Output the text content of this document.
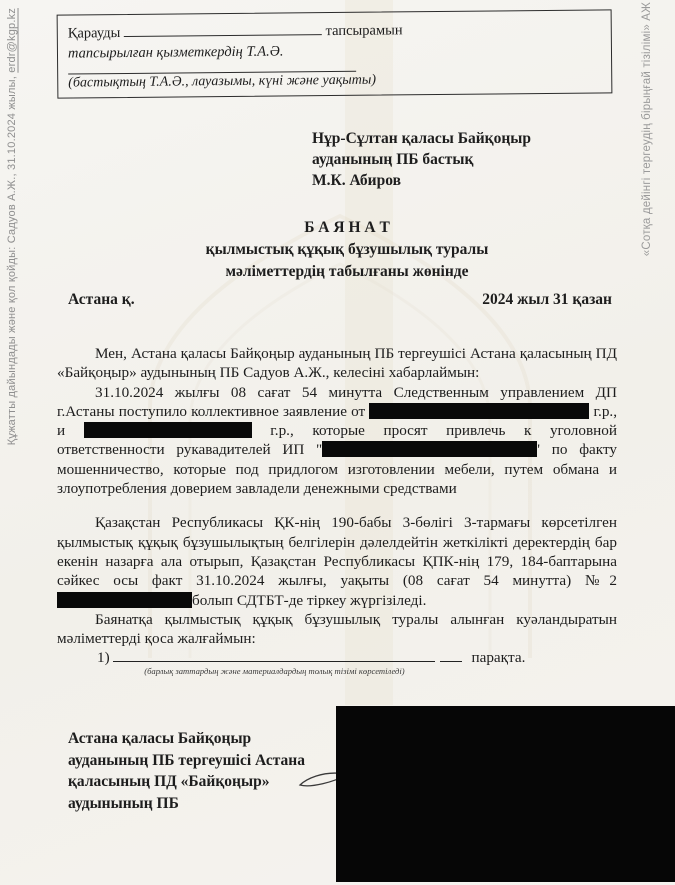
Құжатты дайындады және қол қойды: Садуов А.Ж., 31.10.2024 жылы, erdr@kgp.kz	«Сотқа дейінгі тергеудің бірыңғай тізілімі» АЖ
Қарауды	тапсырамын
тапсырылған қызметкердің Т.А.Ә.
(бастықтың Т.А.Ә., лауазымы, күні және уақыты)
Нұр-Сұлтан қаласы Байқоңыр
ауданының ПБ бастық
М.К. Абиров
Б А Я Н А Т
қылмыстық құқық бұзушылық туралы
мәліметтердің табылғаны жөнінде
Астана қ.	2024 жыл 31 қазан

Мен, Астана қаласы Байқоңыр ауданының ПБ тергеушісі Астана қаласының ПД «Байқоңыр» аудынының ПБ Садуов А.Ж., келесіні хабарлаймын:

31.10.2024 жылғы 08 сағат 54 минутта Следственным управлением ДП г.Астаны поступило коллективное заявление от	г.р., и	г.р., которые просят привлечь к уголовной ответственности рукавадителей ИП "	' по факту мошенничество, которые под придлогом изготовлении мебели, путем обмана и злоупотребления доверием завладели денежными средствами

Қазақстан Республикасы ҚК-нің 190-бабы 3-бөлігі 3-тармағы көрсетілген қылмыстық құқық бұзушылықтың белгілерін дәлелдейтін жеткілікті деректердің бар екенін назарға ала отырып, Қазақстан Республикасы ҚПК-нің 179, 184-баптарына сәйкес осы факт 31.10.2024 жылғы, уақыты (08 сағат 54 минутта) №2болып СДТБТ-де тіркеу жүргізіледі.

Баянатқа қылмыстық құқық бұзушылық туралы алынған куәландыратын мәліметтерді қоса жалғаймын:

1)
(барлық заттардың және материалдардың толық тізімі көрсетіледі)
парақта.
Астана қаласы Байқоңыр
ауданының ПБ тергеушісі Астана
қаласының ПД «Байқоңыр»
аудынының ПБ
